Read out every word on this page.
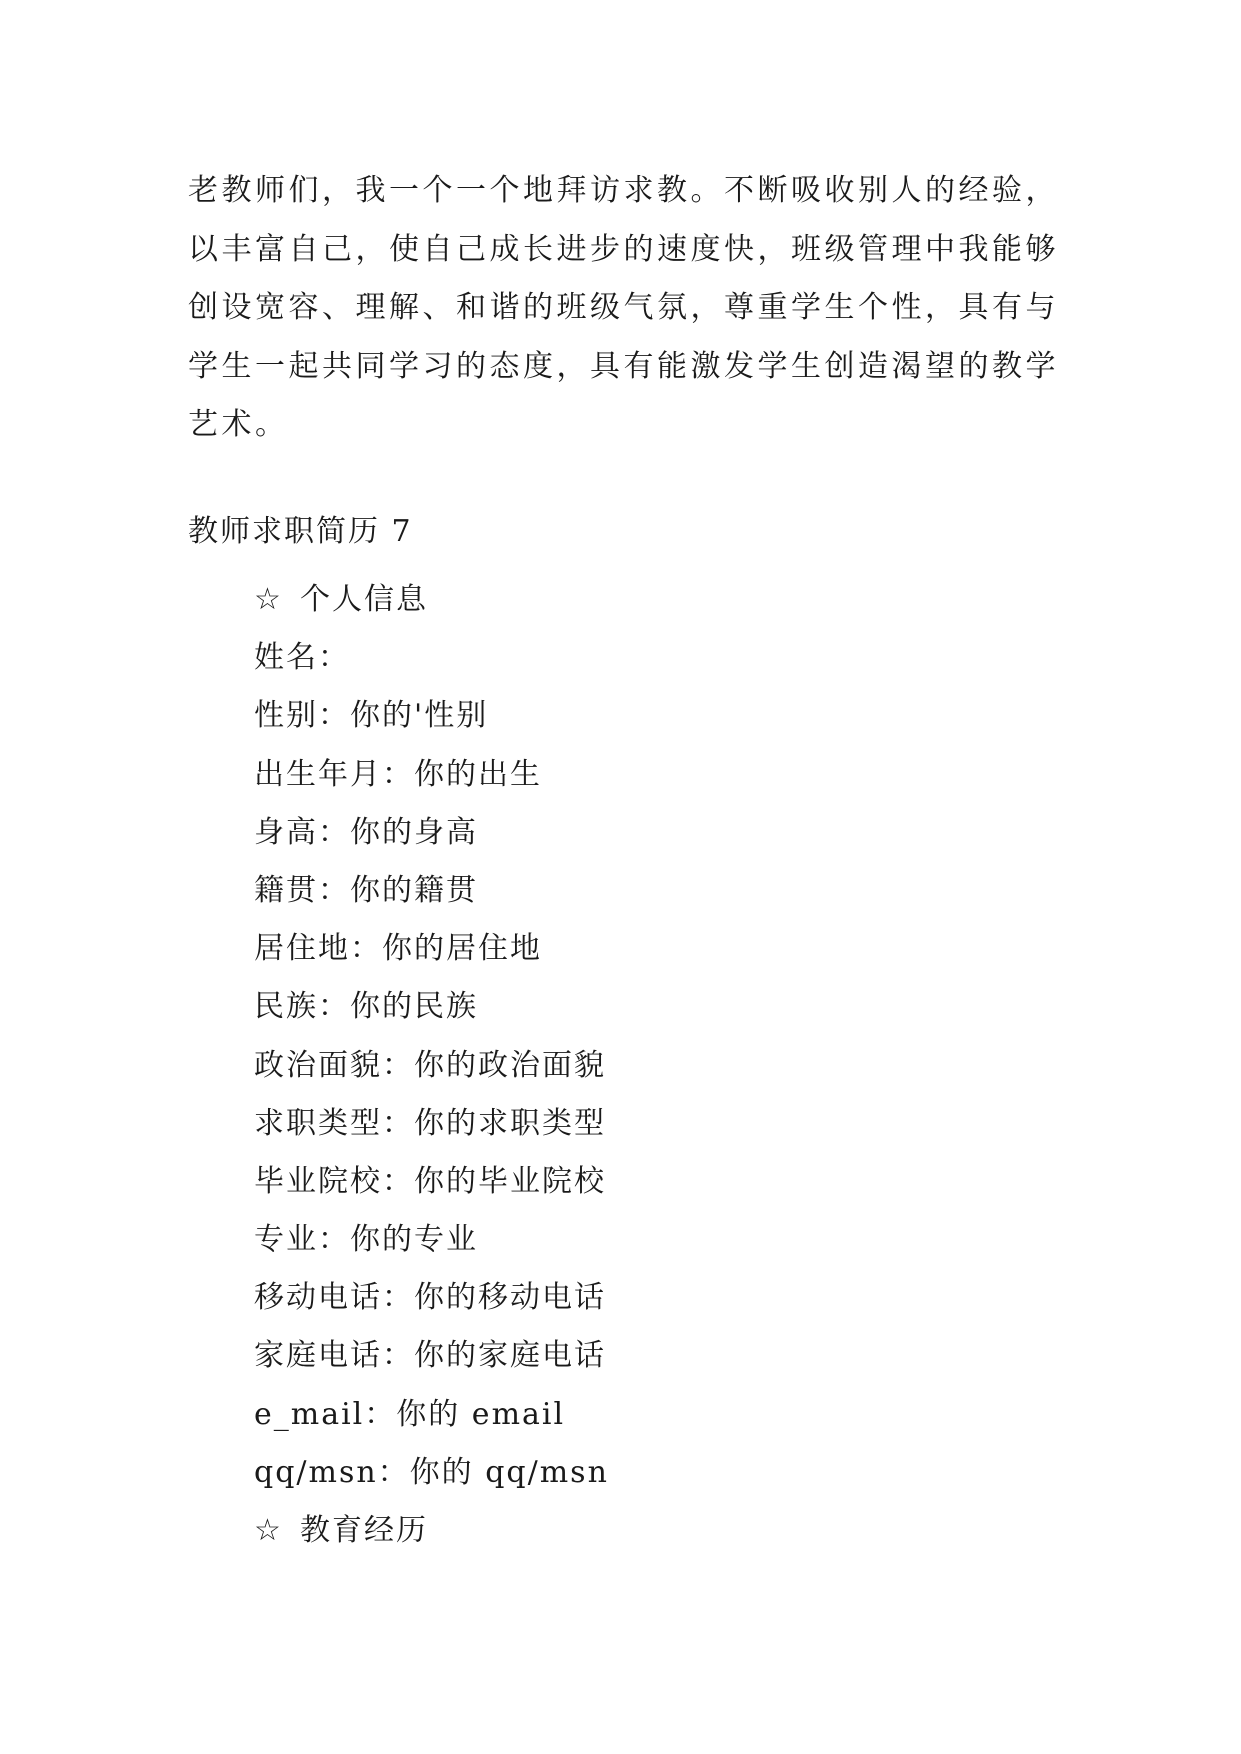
老教师们，我一个一个地拜访求教。不断吸收别人的经验，
以丰富自己，使自己成长进步的速度快，班级管理中我能够
创设宽容、理解、和谐的班级气氛，尊重学生个性，具有与
学生一起共同学习的态度，具有能激发学生创造渴望的教学
艺术。
教师求职简历 7
☆ 个人信息
姓名：
性别：你的'性别
出生年月：你的出生
身高：你的身高
籍贯：你的籍贯
居住地：你的居住地
民族：你的民族
政治面貌：你的政治面貌
求职类型：你的求职类型
毕业院校：你的毕业院校
专业：你的专业
移动电话：你的移动电话
家庭电话：你的家庭电话
e_mail：你的 email
qq/msn：你的 qq/msn
☆ 教育经历
